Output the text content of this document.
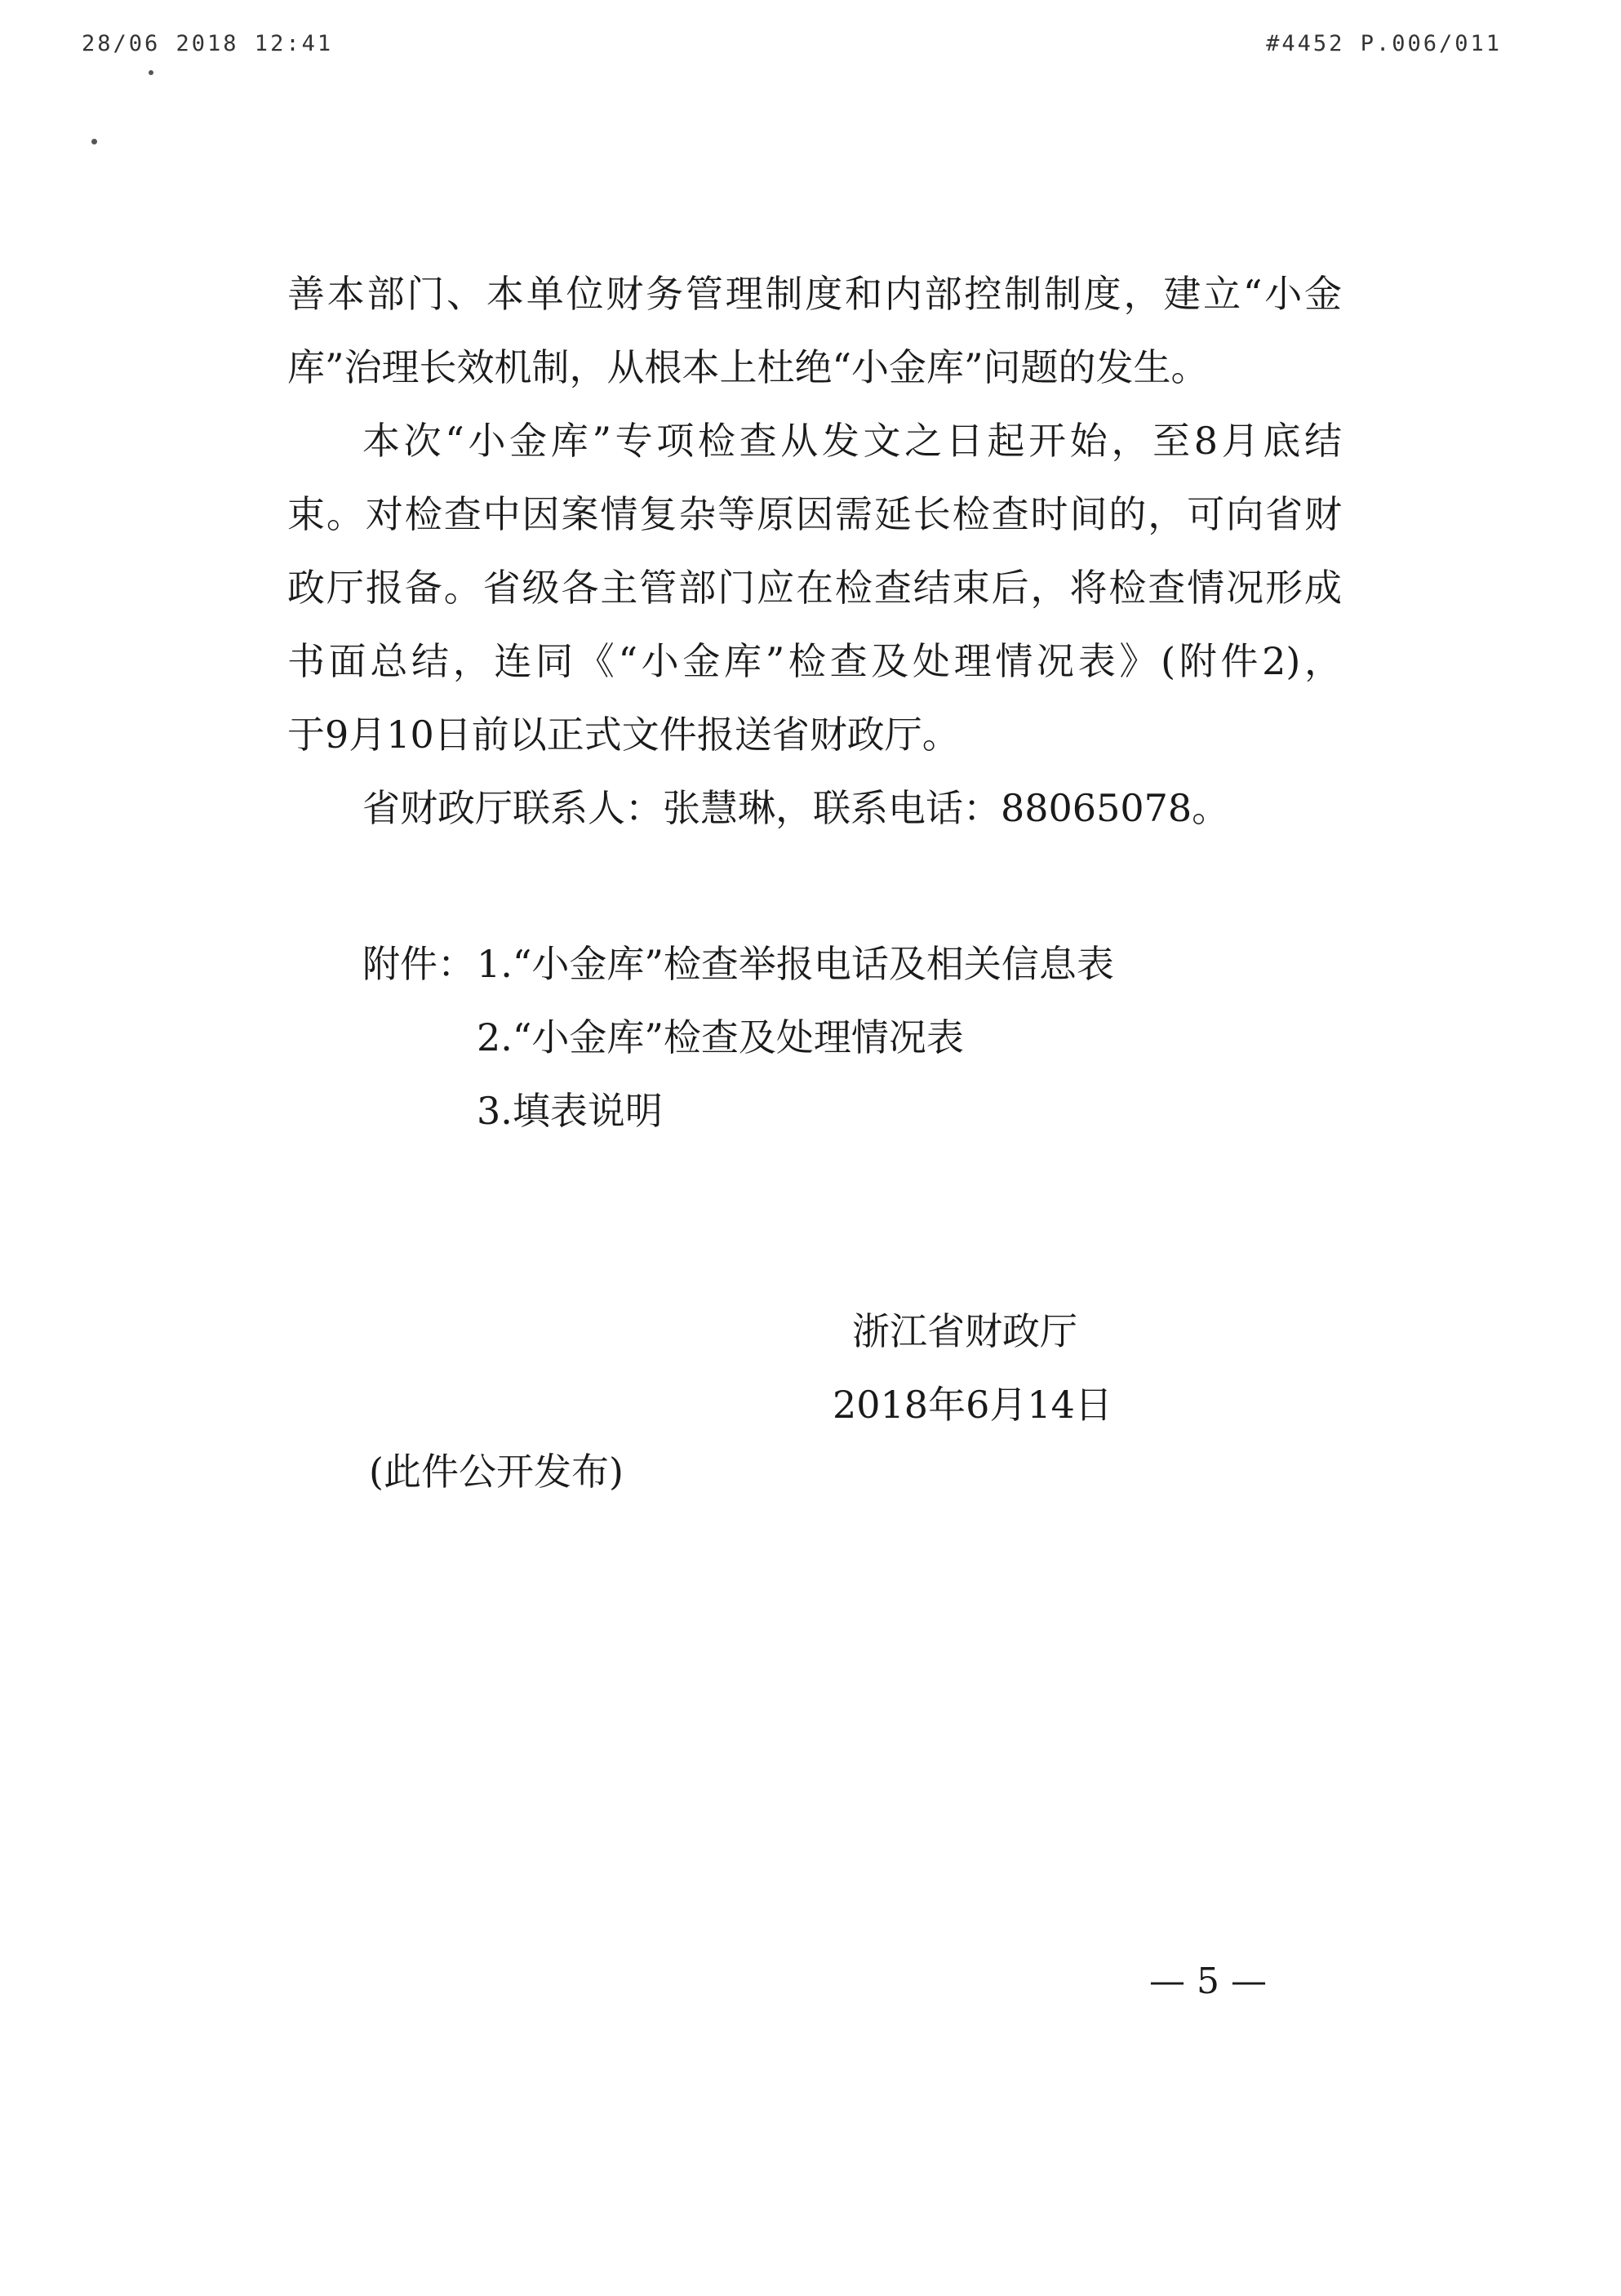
28/06 2018 12:41	#4452 P.006/011
善本部门、本单位财务管理制度和内部控制制度，建立“小金
库”治理长效机制，从根本上杜绝“小金库”问题的发生。
本次“小金库”专项检查从发文之日起开始，至8月底结
束。对检查中因案情复杂等原因需延长检查时间的，可向省财
政厅报备。省级各主管部门应在检查结束后，将检查情况形成
书面总结，连同《“小金库”检查及处理情况表》(附件2)，
于9月10日前以正式文件报送省财政厅。
省财政厅联系人：张慧琳，联系电话：88065078。
附件： 1.“小金库”检查举报电话及相关信息表
2.“小金库”检查及处理情况表
3.填表说明
浙江省财政厅
2018年6月14日
(此件公开发布)
— 5 —
